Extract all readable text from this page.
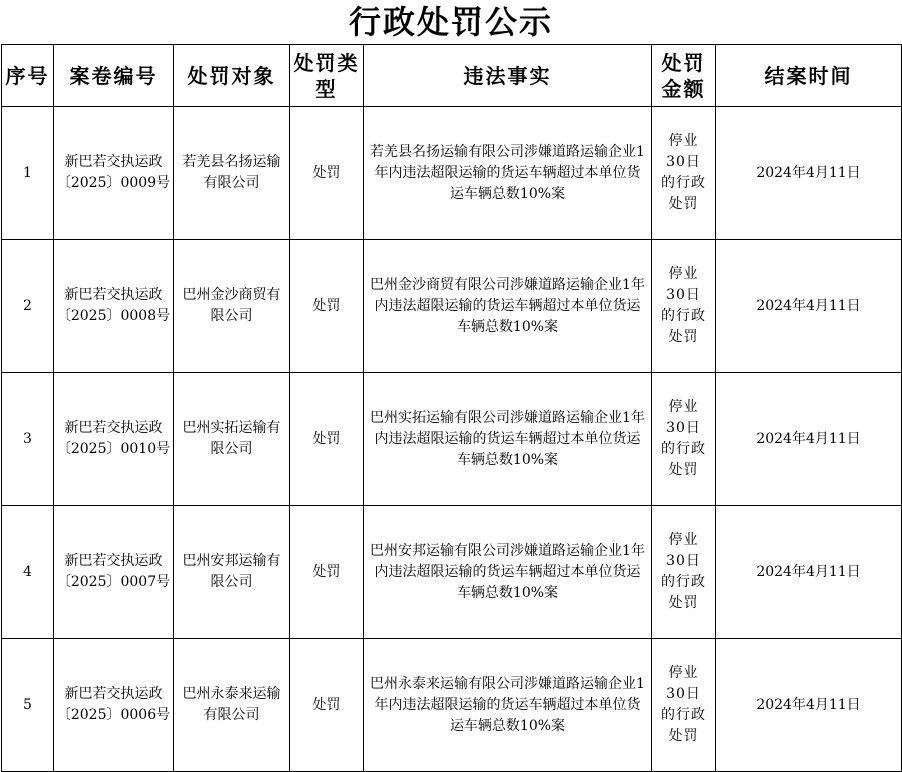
行政处罚公示
序号	案卷编号	处罚对象	处罚类型	违法事实	处罚金额	结案时间
1	新巴若交执运政〔2025〕0009号	若羌县名扬运输有限公司	处罚	若羌县名扬运输有限公司涉嫌道路运输企业1年内违法超限运输的货运车辆超过本单位货运车辆总数10%案	停业 30日 的行政处罚	2024年4月11日
2	新巴若交执运政〔2025〕0008号	巴州金沙商贸有限公司	处罚	巴州金沙商贸有限公司涉嫌道路运输企业1年内违法超限运输的货运车辆超过本单位货运车辆总数10%案	停业 30日 的行政处罚	2024年4月11日
3	新巴若交执运政〔2025〕0010号	巴州实拓运输有限公司	处罚	巴州实拓运输有限公司涉嫌道路运输企业1年内违法超限运输的货运车辆超过本单位货运车辆总数10%案	停业 30日 的行政处罚	2024年4月11日
4	新巴若交执运政〔2025〕0007号	巴州安邦运输有限公司	处罚	巴州安邦运输有限公司涉嫌道路运输企业1年内违法超限运输的货运车辆超过本单位货运车辆总数10%案	停业 30日 的行政处罚	2024年4月11日
5	新巴若交执运政〔2025〕0006号	巴州永泰来运输有限公司	处罚	巴州永泰来运输有限公司涉嫌道路运输企业1年内违法超限运输的货运车辆超过本单位货运车辆总数10%案	停业 30日 的行政处罚	2024年4月11日
